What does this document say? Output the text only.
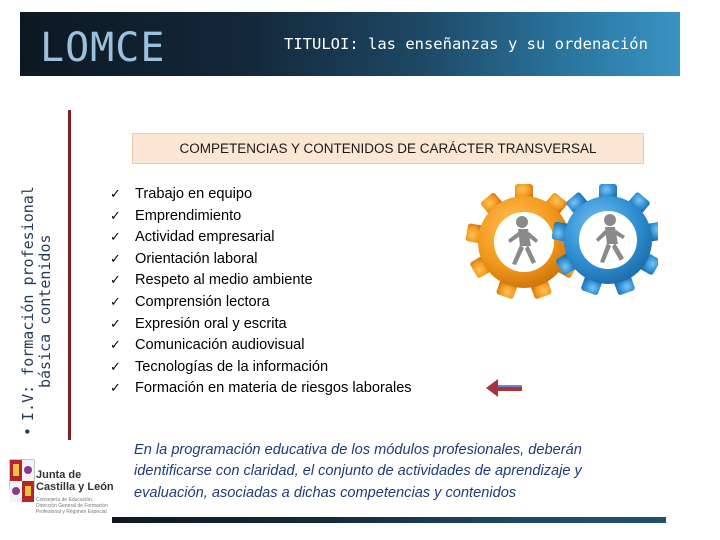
LOMCE	TITULOI: las enseñanzas y su ordenación
•I.V: formación profesional básica contenidos
COMPETENCIAS Y CONTENIDOS DE CARÁCTER TRANSVERSAL
✓ Trabajo en equipo
✓ Emprendimiento
✓ Actividad empresarial
✓ Orientación laboral
✓ Respeto al medio ambiente
✓ Comprensión lectora
✓ Expresión oral y escrita
✓ Comunicación audiovisual
✓ Tecnologías de la información
✓ Formación en materia de riesgos laborales
En la programación educativa de los módulos profesionales, deberán identificarse con claridad, el conjunto de actividades de aprendizaje y evaluación, asociadas a dichas competencias y contenidos
Junta de
Castilla y León
Consejería de Educación, Dirección General de Formación Profesional y Régimen Especial
